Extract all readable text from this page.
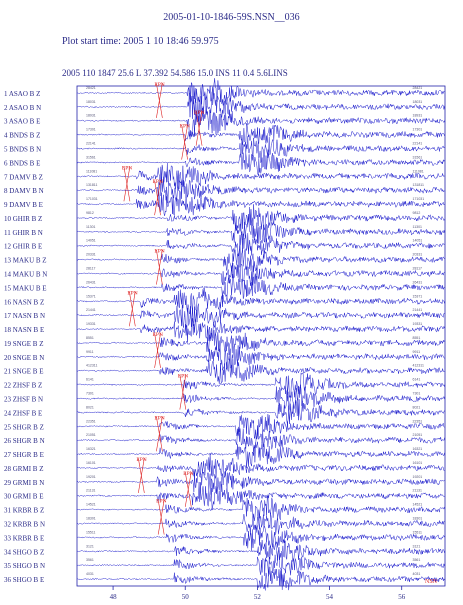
2005-01-10-1846-59S.NSN__036
Plot start time: 2005 1 10 18:46 59.975
2005 110 1847 25.6 L 37.392 54.586 15.0 INS 11 0.4 5.6LINS
1 ASAO B Z
28421	28421
2 ASAO B N
18031	18031
3 ASAO B E
18931	18931
4 BNDS B Z
17301	17301
5 BNDS B N
22141	22141
6 BNDS B E
31561	31561
7 DAMV B Z
111081	111081
8 DAMV B N
131811	131811
9 DAMV B E
171031	171031
10 GHIR B Z
9812	9812
11 GHIR B N
11301	11301
12 GHIR B E
14051	14051
13 MAKU B Z
20331	20331
14 MAKU B N
28117	28117
15 MAKU B E
26431	26431
16 NASN B Z
15371	15371
17 NASN B N
21441	21441
18 NASN B E
19331	19331
19 SNGE B Z
8551	8551
20 SNGE B N
9911	9911
21 SNGE B E
412311	412311
22 ZHSF B Z
6141	6141
23 ZHSF B N
7301	7301
24 ZHSF B E
8021	8021
25 SHGR B Z
22351	22351
26 SHGR B N
21051	21051
27 SHGR B E
16321	16321
28 GRMI B Z
16101	16101
29 GRMI B N
19201	19201
30 GRMI B E
21131	21131
31 KRBR B Z
14521	14521
32 KRBR B N
18301	18301
33 KRBR B E
15511	15511
34 SHGO B Z
3121	3121
35 SHGO B N
3561	3561
36 SHGO B E
4031	4031
EPN
EPN
EPN
EPN
EPN
EPN
EPN
EPN
EPN
EPN
EPN
EPN
EPN
48	50	52	54	56
NSN
